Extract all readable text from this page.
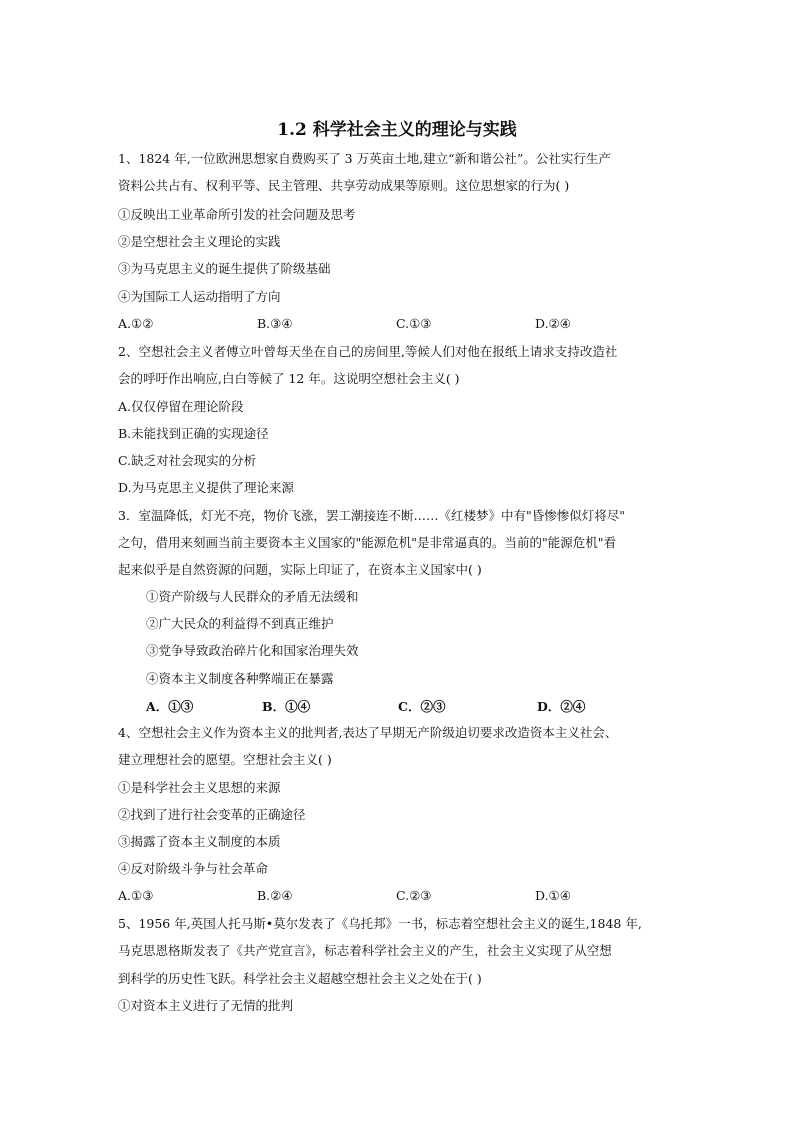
1.2 科学社会主义的理论与实践
1、1824 年,一位欧洲思想家自费购买了 3 万英亩土地,建立“新和谐公社”。公社实行生产
资料公共占有、权利平等、民主管理、共享劳动成果等原则。这位思想家的行为( )
①反映出工业革命所引发的社会问题及思考
②是空想社会主义理论的实践
③为马克思主义的诞生提供了阶级基础
④为国际工人运动指明了方向
A.①②	B.③④	C.①③	D.②④
2、空想社会主义者傅立叶曾每天坐在自己的房间里,等候人们对他在报纸上请求支持改造社
会的呼吁作出响应,白白等候了 12 年。这说明空想社会主义( )
A.仅仅停留在理论阶段
B.未能找到正确的实现途径
C.缺乏对社会现实的分析
D.为马克思主义提供了理论来源
3．室温降低，灯光不亮，物价飞涨，罢工潮接连不断……《红楼梦》中有"昏惨惨似灯将尽"
之句，借用来刻画当前主要资本主义国家的"能源危机"是非常逼真的。当前的"能源危机"看
起来似乎是自然资源的问题，实际上印证了，在资本主义国家中( )
①资产阶级与人民群众的矛盾无法缓和
②广大民众的利益得不到真正维护
③党争导致政治碎片化和国家治理失效
④资本主义制度各种弊端正在暴露
A．①③	B．①④	C．②③	D．②④
4、空想社会主义作为资本主义的批判者,表达了早期无产阶级迫切要求改造资本主义社会、
建立理想社会的愿望。空想社会主义( )
①是科学社会主义思想的来源
②找到了进行社会变革的正确途径
③揭露了资本主义制度的本质
④反对阶级斗争与社会革命
A.①③	B.②④	C.②③	D.①④
5、1956 年,英国人托马斯•莫尔发表了《乌托邦》一书，标志着空想社会主义的诞生,1848 年,
马克思恩格斯发表了《共产党宣言》，标志着科学社会主义的产生，社会主义实现了从空想
到科学的历史性飞跃。科学社会主义超越空想社会主义之处在于( )
①对资本主义进行了无情的批判
